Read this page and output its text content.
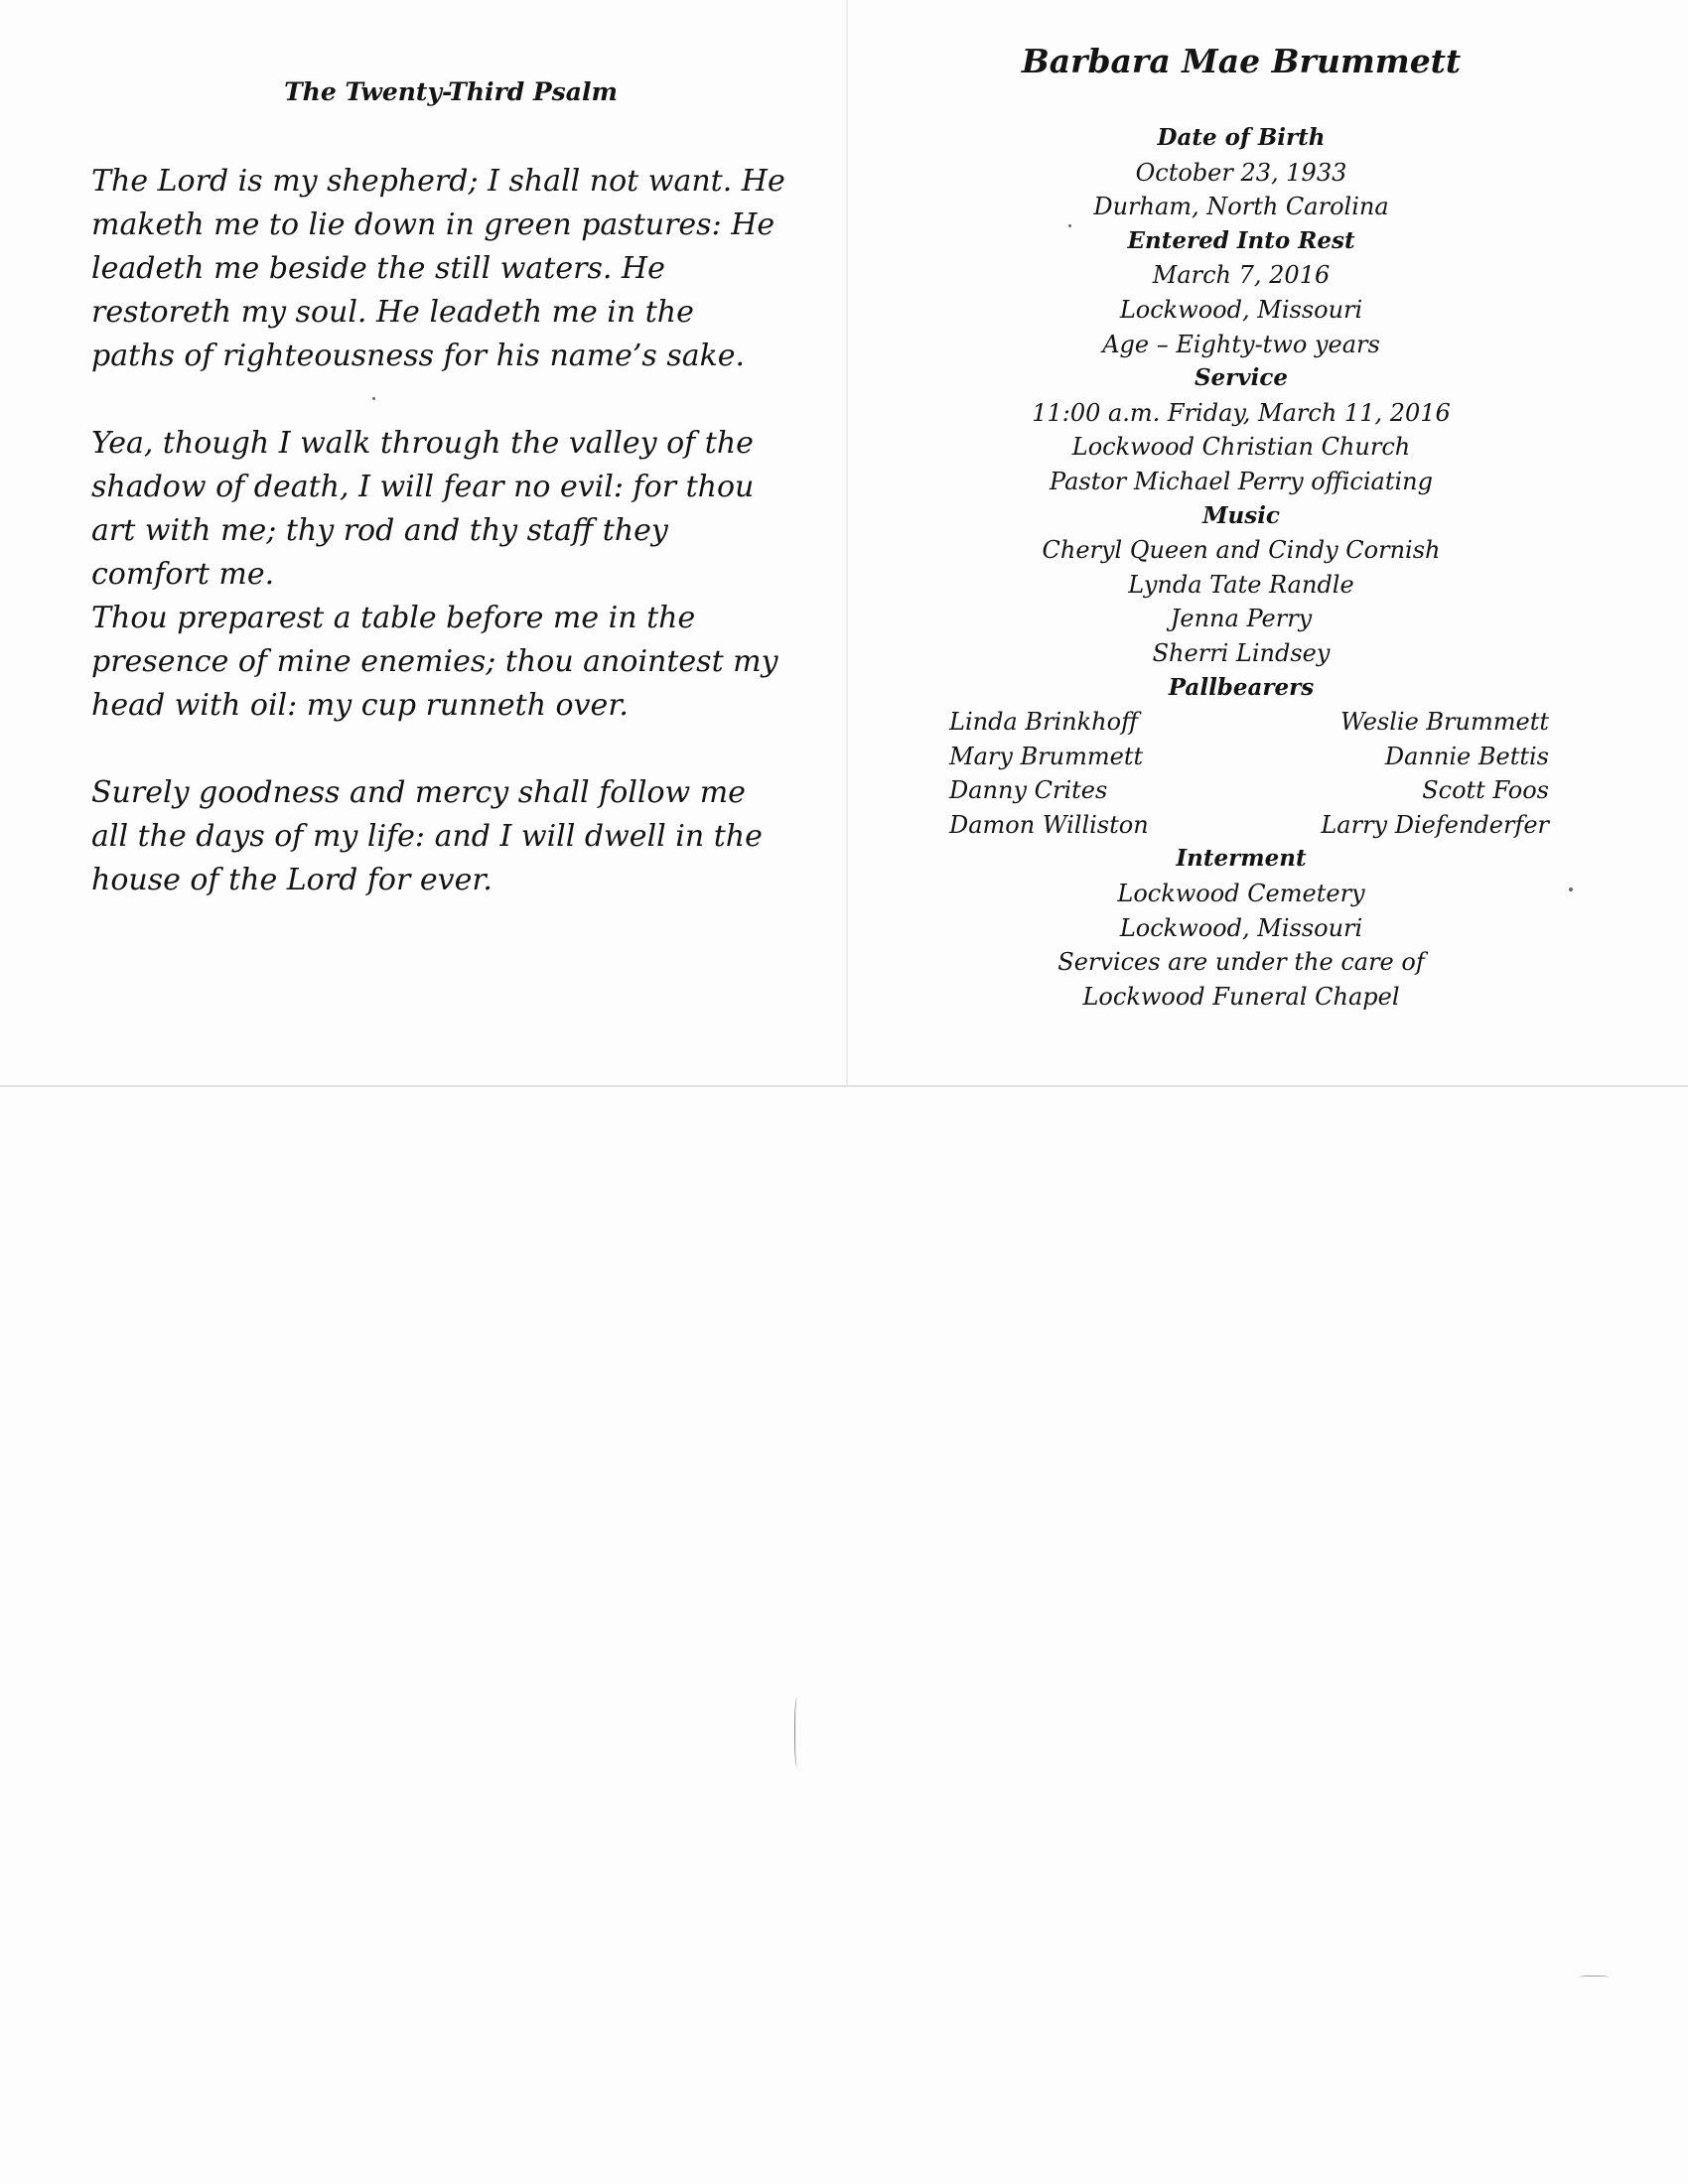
The Twenty-Third Psalm

The Lord is my shepherd; I shall not want. He maketh me to lie down in green pastures: He leadeth me beside the still waters. He restoreth my soul. He leadeth me in the paths of righteousness for his name’s sake.

Yea, though I walk through the valley of the shadow of death, I will fear no evil: for thou art with me; thy rod and thy staff they comfort me.

Thou preparest a table before me in the presence of mine enemies; thou anointest my head with oil: my cup runneth over.

Surely goodness and mercy shall follow me all the days of my life: and I will dwell in the house of the Lord for ever.

Barbara Mae Brummett

Date of Birth

October 23, 1933

Durham, North Carolina

Entered Into Rest

March 7, 2016

Lockwood, Missouri

Age – Eighty-two years

Service

11:00 a.m. Friday, March 11, 2016

Lockwood Christian Church

Pastor Michael Perry officiating

Music

Cheryl Queen and Cindy Cornish

Lynda Tate Randle

Jenna Perry

Sherri Lindsey

Pallbearers

Linda Brinkhoff
Mary Brummett
Danny Crites
Damon Williston
Weslie Brummett
Dannie Bettis
Scott Foos
Larry Diefenderfer

Interment

Lockwood Cemetery

Lockwood, Missouri

Services are under the care of

Lockwood Funeral Chapel
